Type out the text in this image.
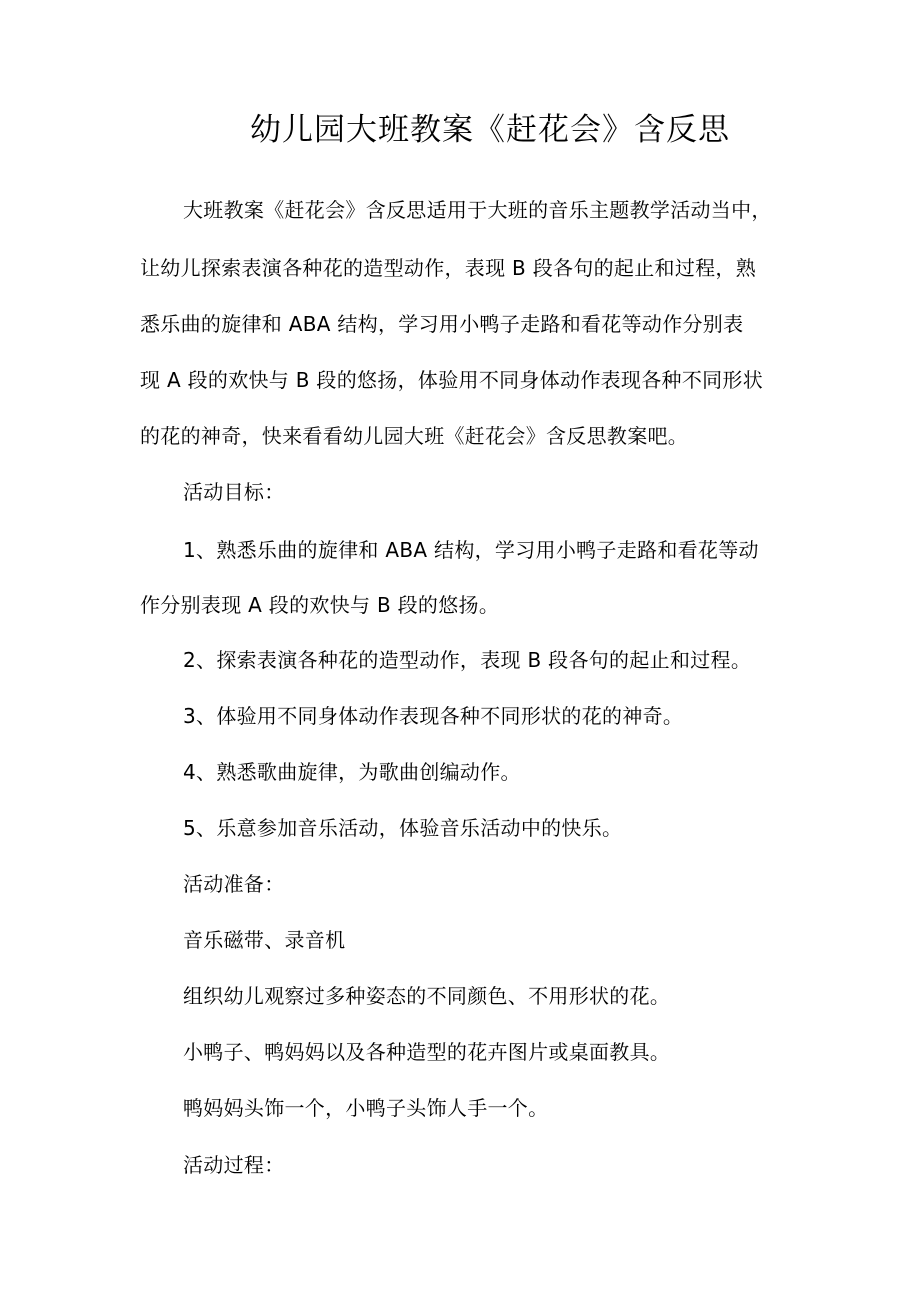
幼儿园大班教案《赶花会》含反思
大班教案《赶花会》含反思适用于大班的音乐主题教学活动当中，
让幼儿探索表演各种花的造型动作，表现 B 段各句的起止和过程，熟
悉乐曲的旋律和 ABA 结构，学习用小鸭子走路和看花等动作分别表
现 A 段的欢快与 B 段的悠扬，体验用不同身体动作表现各种不同形状
的花的神奇，快来看看幼儿园大班《赶花会》含反思教案吧。
活动目标：
1、熟悉乐曲的旋律和 ABA 结构，学习用小鸭子走路和看花等动
作分别表现 A 段的欢快与 B 段的悠扬。
2、探索表演各种花的造型动作，表现 B 段各句的起止和过程。
3、体验用不同身体动作表现各种不同形状的花的神奇。
4、熟悉歌曲旋律，为歌曲创编动作。
5、乐意参加音乐活动，体验音乐活动中的快乐。
活动准备：
音乐磁带、录音机
组织幼儿观察过多种姿态的不同颜色、不用形状的花。
小鸭子、鸭妈妈以及各种造型的花卉图片或桌面教具。
鸭妈妈头饰一个，小鸭子头饰人手一个。
活动过程：
